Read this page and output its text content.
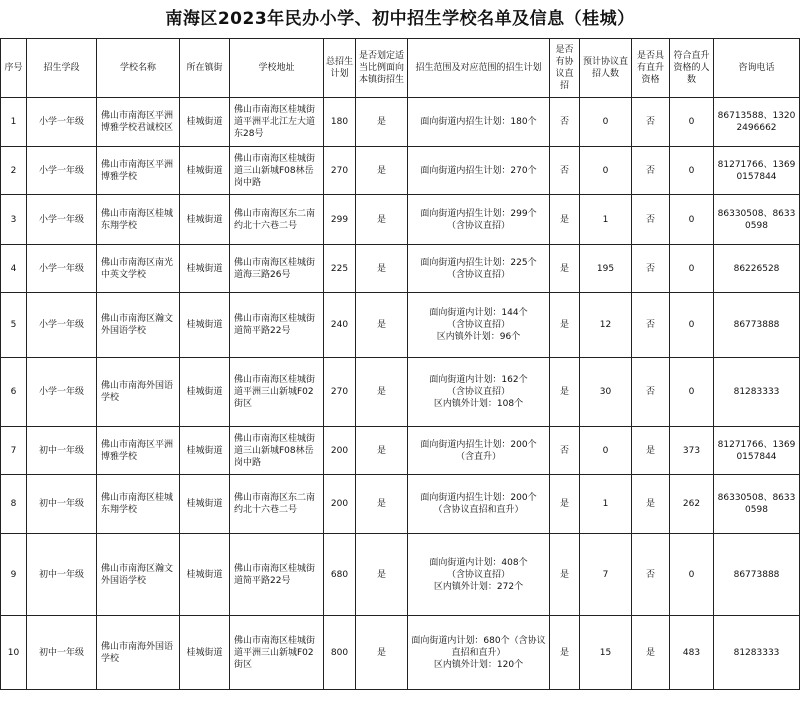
南海区2023年民办小学、初中招生学校名单及信息（桂城）
序号	招生学段	学校名称	所在镇街	学校地址	总招生计划	是否划定适当比例面向本镇街招生	招生范围及对应范围的招生计划	是否有协议直招	预计协议直招人数	是否具有直升资格	符合直升资格的人数	咨询电话
1	小学一年级	佛山市南海区平洲博雅学校君诚校区	桂城街道	佛山市南海区桂城街道平洲平北江左大道东28号	180	是	面向街道内招生计划：180个	否	0	否	0	86713588、13202496662
2	小学一年级	佛山市南海区平洲博雅学校	桂城街道	佛山市南海区桂城街道三山新城F08林岳岗中路	270	是	面向街道内招生计划：270个	否	0	否	0	81271766、13690157844
3	小学一年级	佛山市南海区桂城东翔学校	桂城街道	佛山市南海区东二南约北十六巷二号	299	是	面向街道内招生计划：299个
（含协议直招）	是	1	否	0	86330508、86330598
4	小学一年级	佛山市南海区南光中英文学校	桂城街道	佛山市南海区桂城街道海三路26号	225	是	面向街道内招生计划：225个
（含协议直招）	是	195	否	0	86226528
5	小学一年级	佛山市南海区瀚文外国语学校	桂城街道	佛山市南海区桂城街道简平路22号	240	是	面向街道内计划：144个
（含协议直招）
区内镇外计划：96个	是	12	否	0	86773888
6	小学一年级	佛山市南海外国语学校	桂城街道	佛山市南海区桂城街道平洲三山新城F02街区	270	是	面向街道内计划：162个
（含协议直招）
区内镇外计划：108个	是	30	否	0	81283333
7	初中一年级	佛山市南海区平洲博雅学校	桂城街道	佛山市南海区桂城街道三山新城F08林岳岗中路	200	是	面向街道内招生计划：200个
（含直升）	否	0	是	373	81271766、13690157844
8	初中一年级	佛山市南海区桂城东翔学校	桂城街道	佛山市南海区东二南约北十六巷二号	200	是	面向街道内招生计划：200个
（含协议直招和直升）	是	1	是	262	86330508、86330598
9	初中一年级	佛山市南海区瀚文外国语学校	桂城街道	佛山市南海区桂城街道简平路22号	680	是	面向街道内计划：408个
（含协议直招）
区内镇外计划：272个	是	7	否	0	86773888
10	初中一年级	佛山市南海外国语学校	桂城街道	佛山市南海区桂城街道平洲三山新城F02街区	800	是	面向街道内计划：680个（含协议直招和直升）
区内镇外计划：120个	是	15	是	483	81283333
